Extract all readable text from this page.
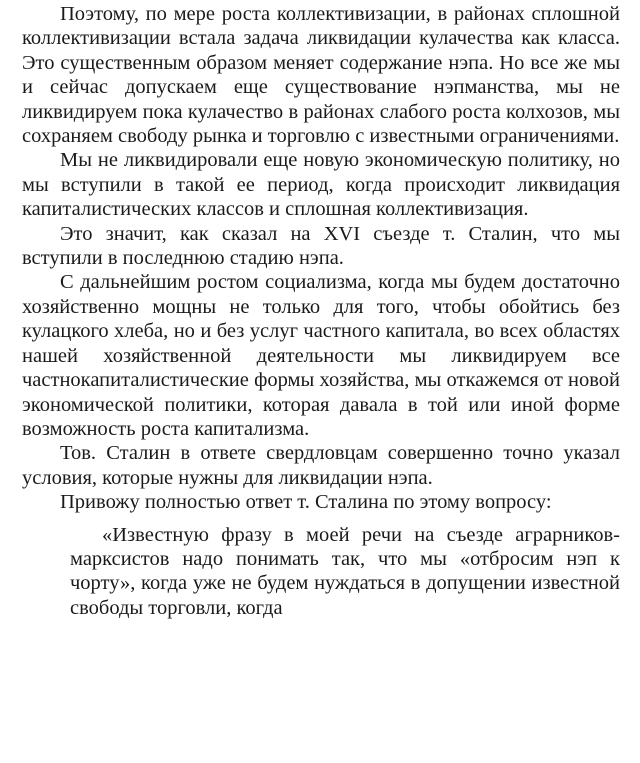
Поэтому, по мере роста коллективизации, в районах сплошной коллективизации встала задача ликвидации кулачества как класса. Это существенным образом меняет содержание нэпа. Но все же мы и сейчас допускаем еще существование нэпманства, мы не ликвидируем пока кулачество в районах слабого роста колхозов, мы сохраняем свободу рынка и торговлю с известными ограничениями.

Мы не ликвидировали еще новую экономическую политику, но мы вступили в такой ее период, когда происходит ликвидация капиталистических классов и сплошная коллективизация.

Это значит, как сказал на XVI съезде т. Сталин, что мы вступили в последнюю стадию нэпа.

С дальнейшим ростом социализма, когда мы будем достаточно хозяйственно мощны не только для того, чтобы обойтись без кулацкого хлеба, но и без услуг частного капитала, во всех областях нашей хозяйственной деятельности мы ликвидируем все частнокапиталистические формы хозяйства, мы откажемся от новой экономической политики, которая давала в той или иной форме возможность роста капитализма.

Тов. Сталин в ответе свердловцам совершенно точно указал условия, которые нужны для ликвидации нэпа.

Привожу полностью ответ т. Сталина по этому вопросу:

«Известную фразу в моей речи на съезде аграрников-марксистов надо понимать так, что мы «отбросим нэп к чорту», когда уже не будем нуждаться в допущении известной свободы торговли, когда
